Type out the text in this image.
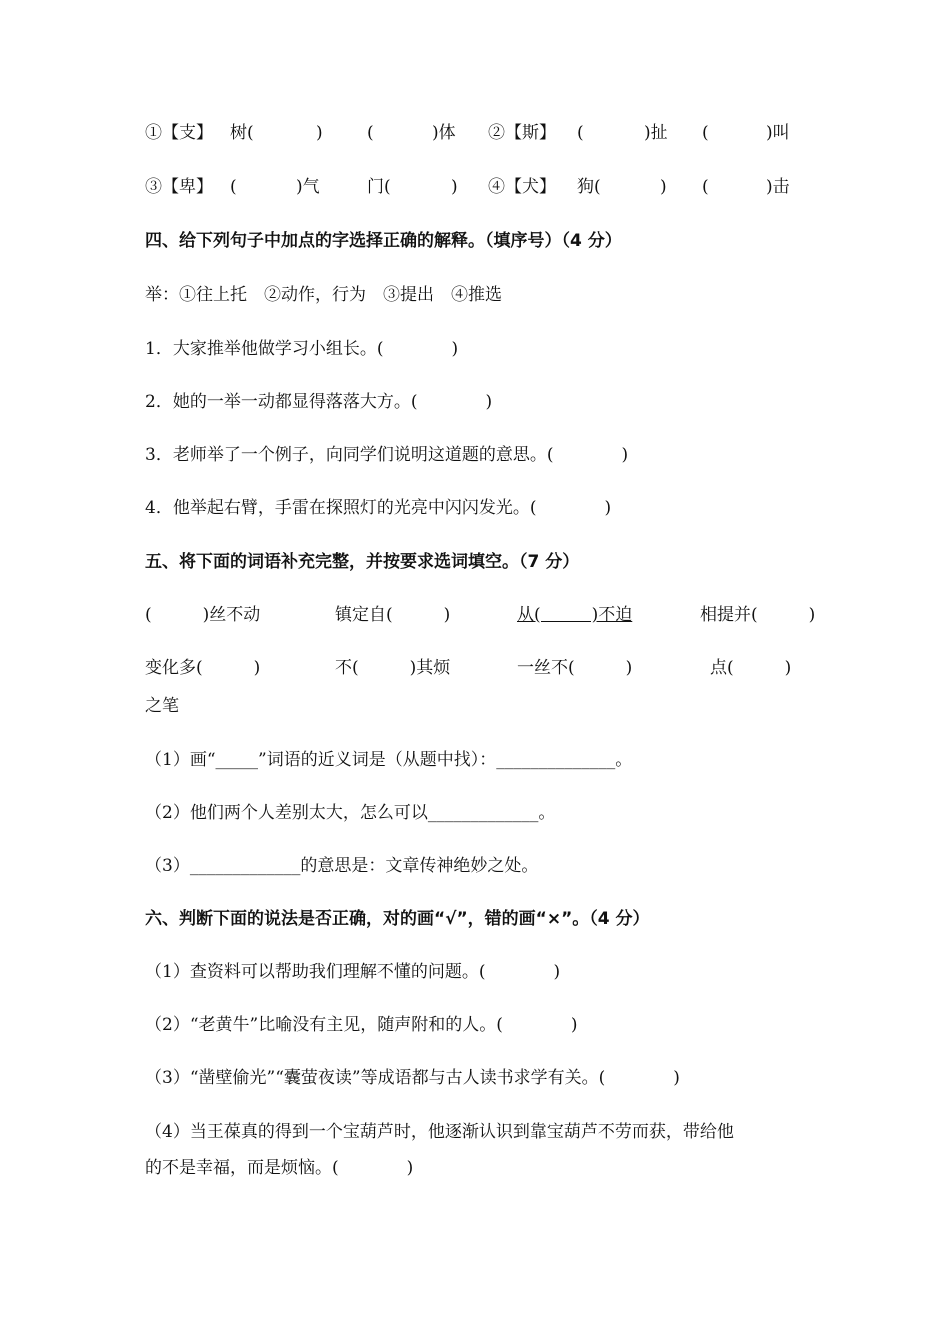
①【支】 树(	)	(	)体 ②【斯】 (	)扯 (	)叫
③【卑】 (	)气	门(	) ④【犬】 狗(	) (	)击
四、给下列句子中加点的字选择正确的解释。（填序号）（4 分）
举：①往上托　②动作，行为　③提出　④推选
1．大家推举他做学习小组长。(　　　　)
2．她的一举一动都显得落落大方。(　　　　)
3．老师举了一个例子，向同学们说明这道题的意思。(　　　　)
4．他举起右臂，手雷在探照灯的光亮中闪闪发光。(　　　　)
五、将下面的词语补充完整，并按要求选词填空。（7 分）
(　　　)丝不动	镇定自(　　　)	从(　　　)不迫	相提并(　　　)
变化多(　　　)	不(　　　)其烦	一丝不(　　　)	点(　　　)
之笔
（1）画“_____”词语的近义词是（从题中找）：______________。
（2）他们两个人差别太大，怎么可以_____________。
（3）_____________的意思是：文章传神绝妙之处。
六、判断下面的说法是否正确，对的画“√”，错的画“×”。（4 分）
（1）查资料可以帮助我们理解不懂的问题。(　　　　)
（2）“老黄牛”比喻没有主见，随声附和的人。(　　　　)
（3）“凿壁偷光”“囊萤夜读”等成语都与古人读书求学有关。(　　　　)
（4）当王葆真的得到一个宝葫芦时，他逐渐认识到靠宝葫芦不劳而获，带给他
的不是幸福，而是烦恼。(　　　　)
